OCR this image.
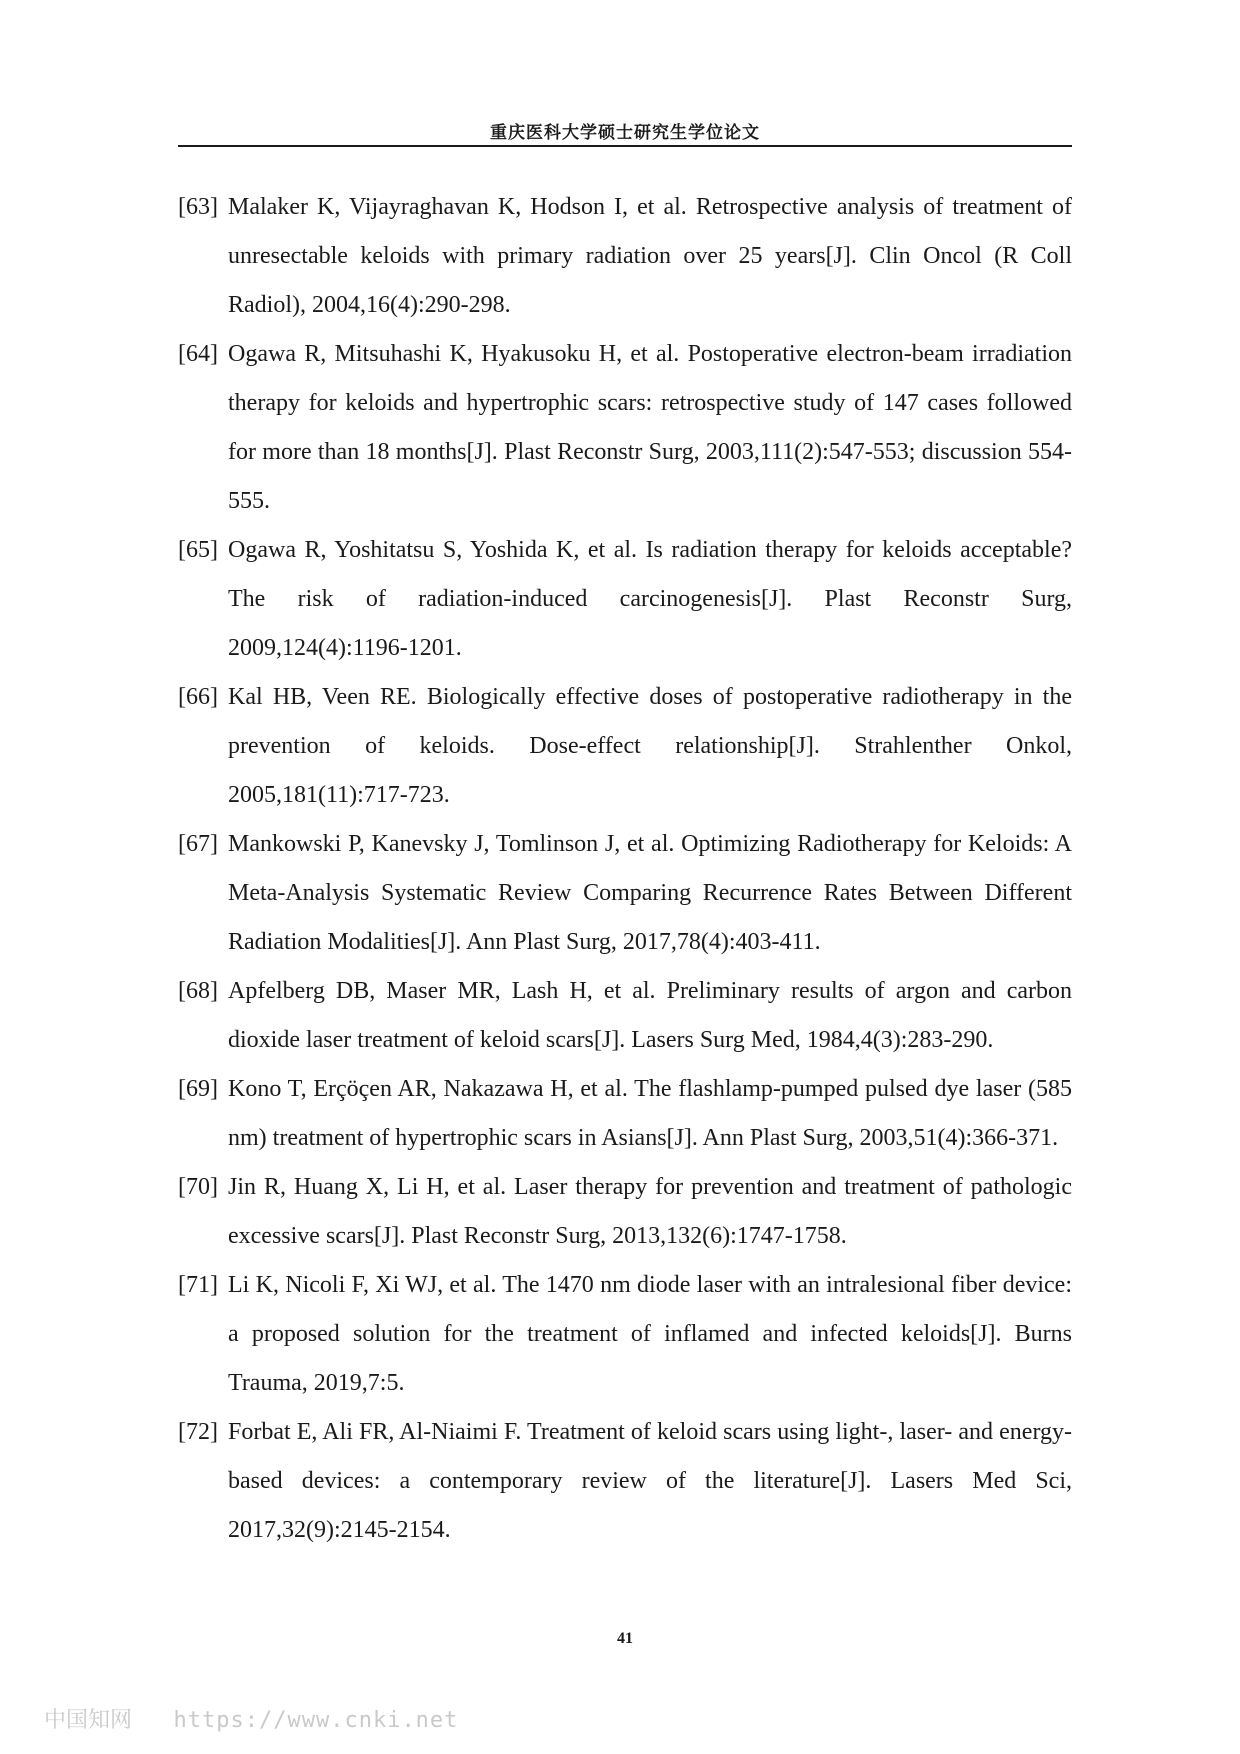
重庆医科大学硕士研究生学位论文
[63] Malaker K, Vijayraghavan K, Hodson I, et al. Retrospective analysis of treatment of unresectable keloids with primary radiation over 25 years[J]. Clin Oncol (R Coll Radiol), 2004,16(4):290-298.
[64] Ogawa R, Mitsuhashi K, Hyakusoku H, et al. Postoperative electron-beam irradiation therapy for keloids and hypertrophic scars: retrospective study of 147 cases followed for more than 18 months[J]. Plast Reconstr Surg, 2003,111(2):547-553; discussion 554-555.
[65] Ogawa R, Yoshitatsu S, Yoshida K, et al. Is radiation therapy for keloids acceptable? The risk of radiation-induced carcinogenesis[J]. Plast Reconstr Surg, 2009,124(4):1196-1201.
[66] Kal HB, Veen RE. Biologically effective doses of postoperative radiotherapy in the prevention of keloids. Dose-effect relationship[J]. Strahlenther Onkol, 2005,181(11):717-723.
[67] Mankowski P, Kanevsky J, Tomlinson J, et al. Optimizing Radiotherapy for Keloids: A Meta-Analysis Systematic Review Comparing Recurrence Rates Between Different Radiation Modalities[J]. Ann Plast Surg, 2017,78(4):403-411.
[68] Apfelberg DB, Maser MR, Lash H, et al. Preliminary results of argon and carbon dioxide laser treatment of keloid scars[J]. Lasers Surg Med, 1984,4(3):283-290.
[69] Kono T, Erçöçen AR, Nakazawa H, et al. The flashlamp-pumped pulsed dye laser (585 nm) treatment of hypertrophic scars in Asians[J]. Ann Plast Surg, 2003,51(4):366-371.
[70] Jin R, Huang X, Li H, et al. Laser therapy for prevention and treatment of pathologic excessive scars[J]. Plast Reconstr Surg, 2013,132(6):1747-1758.
[71] Li K, Nicoli F, Xi WJ, et al. The 1470 nm diode laser with an intralesional fiber device: a proposed solution for the treatment of inflamed and infected keloids[J]. Burns Trauma, 2019,7:5.
[72] Forbat E, Ali FR, Al-Niaimi F. Treatment of keloid scars using light-, laser- and energy-based devices: a contemporary review of the literature[J]. Lasers Med Sci, 2017,32(9):2145-2154.
41
中国知网 https://www.cnki.net
